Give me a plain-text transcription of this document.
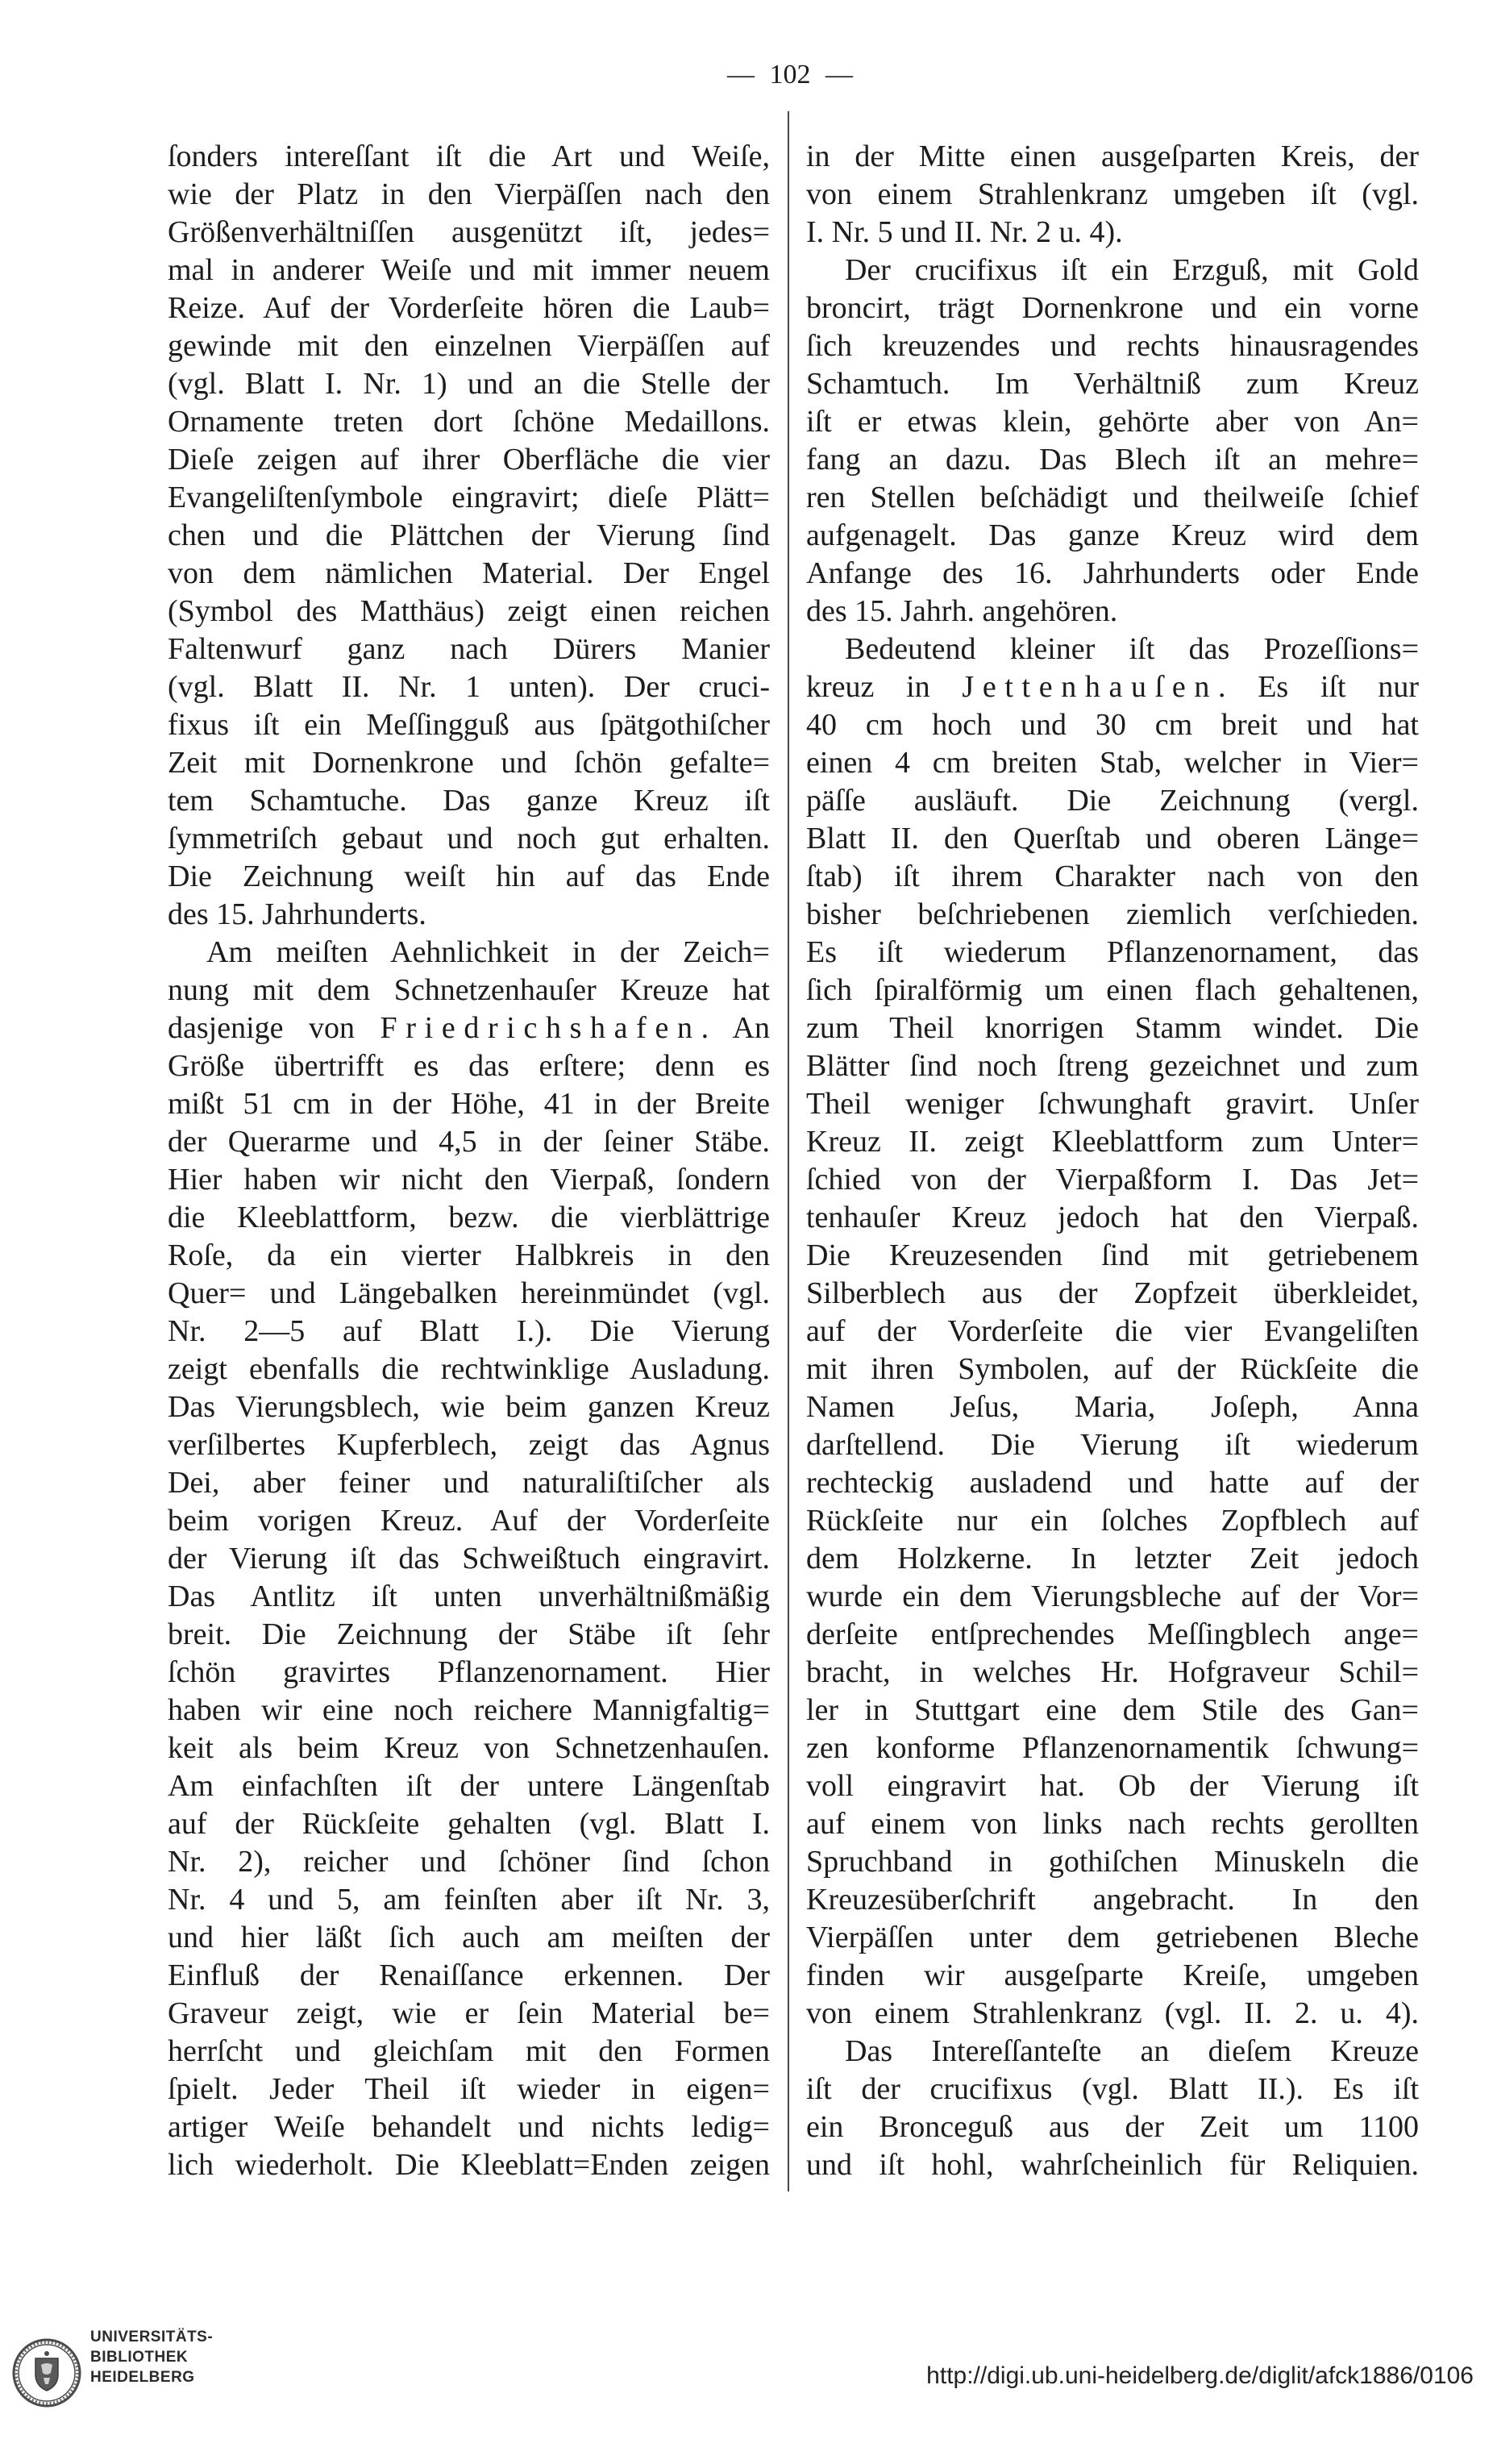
— 102 —
ſonders intereſſant iſt die Art und Weiſe,
wie der Platz in den Vierpäſſen nach den
Größenverhältniſſen ausgenützt iſt, jedes=
mal in anderer Weiſe und mit immer neuem
Reize. Auf der Vorderſeite hören die Laub=
gewinde mit den einzelnen Vierpäſſen auf
(vgl. Blatt I. Nr. 1) und an die Stelle der
Ornamente treten dort ſchöne Medaillons.
Dieſe zeigen auf ihrer Oberfläche die vier
Evangeliſtenſymbole eingravirt; dieſe Plätt=
chen und die Plättchen der Vierung ſind
von dem nämlichen Material. Der Engel
(Symbol des Matthäus) zeigt einen reichen
Faltenwurf ganz nach Dürers Manier
(vgl. Blatt II. Nr. 1 unten). Der cruci-
fixus iſt ein Meſſingguß aus ſpätgothiſcher
Zeit mit Dornenkrone und ſchön gefalte=
tem Schamtuche. Das ganze Kreuz iſt
ſymmetriſch gebaut und noch gut erhalten.
Die Zeichnung weiſt hin auf das Ende
des 15. Jahrhunderts.
Am meiſten Aehnlichkeit in der Zeich=
nung mit dem Schnetzenhauſer Kreuze hat
dasjenige von Friedrichshafen. An
Größe übertrifft es das erſtere; denn es
mißt 51 cm in der Höhe, 41 in der Breite
der Querarme und 4,5 in der ſeiner Stäbe.
Hier haben wir nicht den Vierpaß, ſondern
die Kleeblattform, bezw. die vierblättrige
Roſe, da ein vierter Halbkreis in den
Quer= und Längebalken hereinmündet (vgl.
Nr. 2—5 auf Blatt I.). Die Vierung
zeigt ebenfalls die rechtwinklige Ausladung.
Das Vierungsblech, wie beim ganzen Kreuz
verſilbertes Kupferblech, zeigt das Agnus
Dei, aber feiner und naturaliſtiſcher als
beim vorigen Kreuz. Auf der Vorderſeite
der Vierung iſt das Schweißtuch eingravirt.
Das Antlitz iſt unten unverhältnißmäßig
breit. Die Zeichnung der Stäbe iſt ſehr
ſchön gravirtes Pflanzenornament. Hier
haben wir eine noch reichere Mannigfaltig=
keit als beim Kreuz von Schnetzenhauſen.
Am einfachſten iſt der untere Längenſtab
auf der Rückſeite gehalten (vgl. Blatt I.
Nr. 2), reicher und ſchöner ſind ſchon
Nr. 4 und 5, am feinſten aber iſt Nr. 3,
und hier läßt ſich auch am meiſten der
Einfluß der Renaiſſance erkennen. Der
Graveur zeigt, wie er ſein Material be=
herrſcht und gleichſam mit den Formen
ſpielt. Jeder Theil iſt wieder in eigen=
artiger Weiſe behandelt und nichts ledig=
lich wiederholt. Die Kleeblatt=Enden zeigen
in der Mitte einen ausgeſparten Kreis, der
von einem Strahlenkranz umgeben iſt (vgl.
I. Nr. 5 und II. Nr. 2 u. 4).
Der crucifixus iſt ein Erzguß, mit Gold
broncirt, trägt Dornenkrone und ein vorne
ſich kreuzendes und rechts hinausragendes
Schamtuch. Im Verhältniß zum Kreuz
iſt er etwas klein, gehörte aber von An=
fang an dazu. Das Blech iſt an mehre=
ren Stellen beſchädigt und theilweiſe ſchief
aufgenagelt. Das ganze Kreuz wird dem
Anfange des 16. Jahrhunderts oder Ende
des 15. Jahrh. angehören.
Bedeutend kleiner iſt das Prozeſſions=
kreuz in Jettenhauſen. Es iſt nur
40 cm hoch und 30 cm breit und hat
einen 4 cm breiten Stab, welcher in Vier=
päſſe ausläuft. Die Zeichnung (vergl.
Blatt II. den Querſtab und oberen Länge=
ſtab) iſt ihrem Charakter nach von den
bisher beſchriebenen ziemlich verſchieden.
Es iſt wiederum Pflanzenornament, das
ſich ſpiralförmig um einen flach gehaltenen,
zum Theil knorrigen Stamm windet. Die
Blätter ſind noch ſtreng gezeichnet und zum
Theil weniger ſchwunghaft gravirt. Unſer
Kreuz II. zeigt Kleeblattform zum Unter=
ſchied von der Vierpaßform I. Das Jet=
tenhauſer Kreuz jedoch hat den Vierpaß.
Die Kreuzesenden ſind mit getriebenem
Silberblech aus der Zopfzeit überkleidet,
auf der Vorderſeite die vier Evangeliſten
mit ihren Symbolen, auf der Rückſeite die
Namen Jeſus, Maria, Joſeph, Anna
darſtellend. Die Vierung iſt wiederum
rechteckig ausladend und hatte auf der
Rückſeite nur ein ſolches Zopfblech auf
dem Holzkerne. In letzter Zeit jedoch
wurde ein dem Vierungsbleche auf der Vor=
derſeite entſprechendes Meſſingblech ange=
bracht, in welches Hr. Hofgraveur Schil=
ler in Stuttgart eine dem Stile des Gan=
zen konforme Pflanzenornamentik ſchwung=
voll eingravirt hat. Ob der Vierung iſt
auf einem von links nach rechts gerollten
Spruchband in gothiſchen Minuskeln die
Kreuzesüberſchrift angebracht. In den
Vierpäſſen unter dem getriebenen Bleche
finden wir ausgeſparte Kreiſe, umgeben
von einem Strahlenkranz (vgl. II. 2. u. 4).
Das Intereſſanteſte an dieſem Kreuze
iſt der crucifixus (vgl. Blatt II.). Es iſt
ein Bronceguß aus der Zeit um 1100
und iſt hohl, wahrſcheinlich für Reliquien.
UNIVERSITÄTS-
BIBLIOTHEK
HEIDELBERG	http://digi.ub.uni-heidelberg.de/diglit/afck1886/0106
